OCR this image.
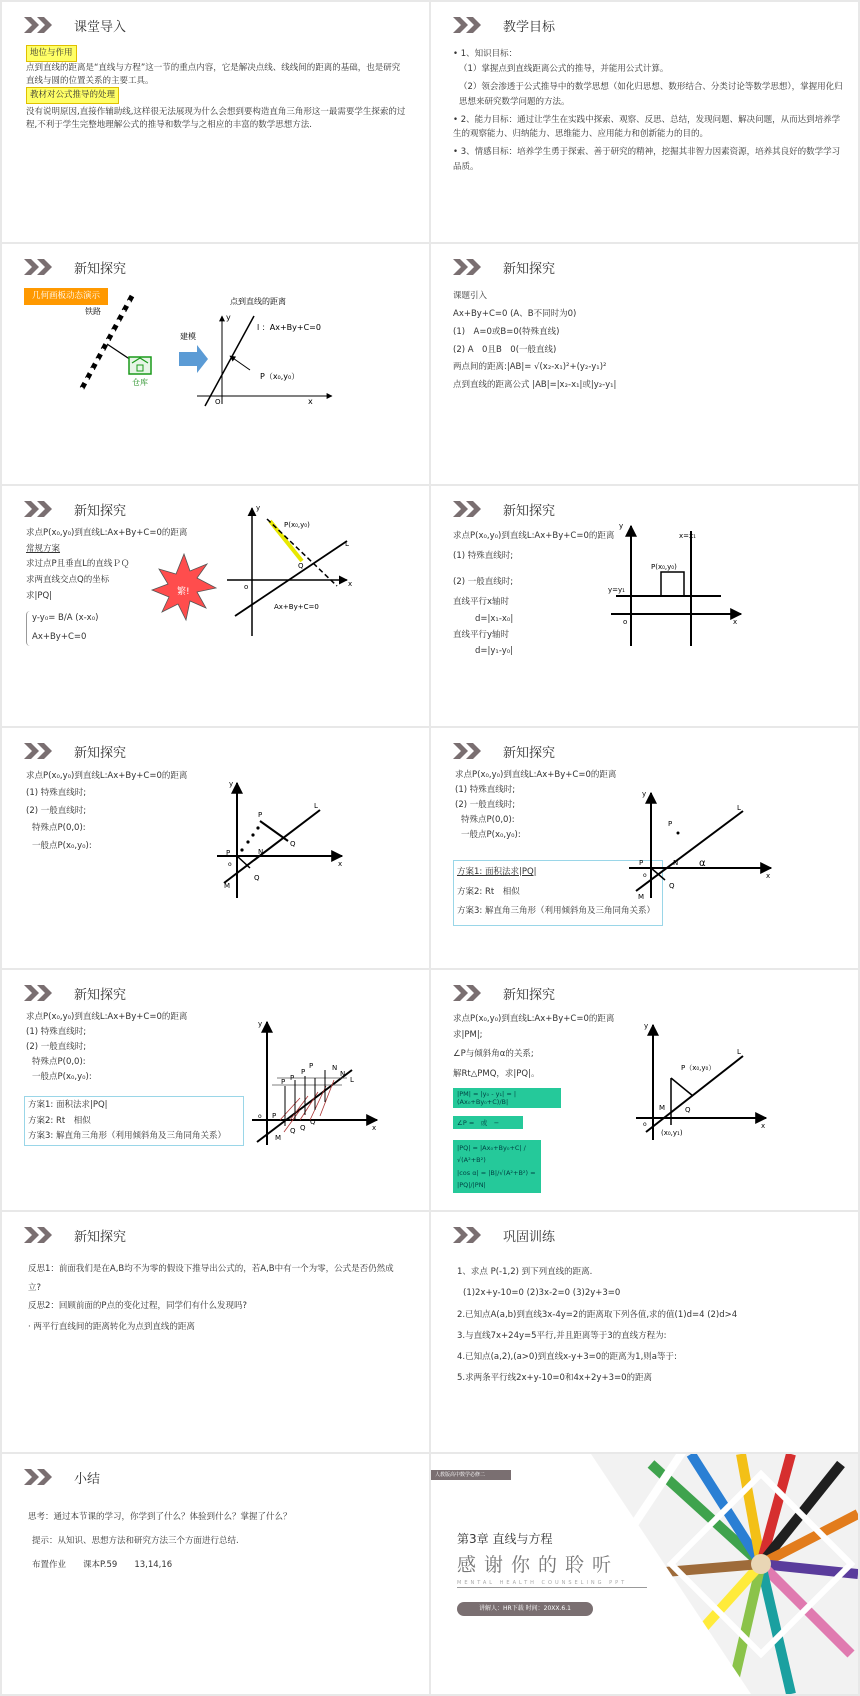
课堂导入
地位与作用
点到直线的距离是“直线与方程”这一节的重点内容，它是解决点线、线线间的距离的基础，也是研究直线与圆的位置关系的主要工具。
教材对公式推导的处理
没有说明原因,直接作辅助线,这样很无法展现为什么会想到要构造直角三角形这一最需要学生探索的过程,不利于学生完整地理解公式的推导和数学与之相应的丰富的数学思想方法.
教学目标
• 1、知识目标：
（1）掌握点到直线距离公式的推导，并能用公式计算。
（2）领会渗透于公式推导中的数学思想（如化归思想、数形结合、分类讨论等数学思想），掌握用化归思想来研究数学问题的方法。
• 2、能力目标：通过让学生在实践中探索、观察、反思、总结，发现问题、解决问题，从而达到培养学生的观察能力、归纳能力、思维能力、应用能力和创新能力的目的。
• 3、情感目标：培养学生勇于探索、善于研究的精神，挖掘其非智力因素资源，培养其良好的数学学习品质。
新知探究
几何画板动态演示
铁路
仓库
建模
点到直线的距离
y
x
O
l ：Ax+By+C=0
P（x₀,y₀）
新知探究
课题引入
Ax+By+C=0 (A、B不同时为0)
(1)　A=0或B=0(特殊直线)
(2) A　0且B　0(一般直线)
两点间的距离:|AB|= √(x₂-x₁)²+(y₂-y₁)²
点到直线的距离公式 |AB|=|x₂-x₁|或|y₂-y₁|
新知探究
求点P(x₀,y₀)到直线L:Ax+By+C=0的距离
常规方案
求过点P且垂直L的直线ＰＱ
求两直线交点Q的坐标
求|PQ|
y-y₀= B/A (x-x₀)
Ax+By+C=0
繁!
P(x₀,y₀)
Q
L
Ax+By+C=0
y
x
o
新知探究
求点P(x₀,y₀)到直线L:Ax+By+C=0的距离
(1) 特殊直线时;
(2) 一般直线时;
直线平行x轴时
d=|x₁-x₀|
直线平行y轴时
d=|y₁-y₀|
P(x₀,y₀)
x=x₁
y=y₁
y
x
o
新知探究
求点P(x₀,y₀)到直线L:Ax+By+C=0的距离
(1) 特殊直线时;
(2) 一般直线时;
特殊点P(0,0):
一般点P(x₀,y₀):
P
P	N
Q
Q
L
M
o
y
x
新知探究
求点P(x₀,y₀)到直线L:Ax+By+C=0的距离
(1) 特殊直线时;
(2) 一般直线时;
特殊点P(0,0):
一般点P(x₀,y₀):
方案1: 面积法求|PQ|
方案2: Rt　相似
方案3: 解直角三角形（利用倾斜角及三角同角关系）
P
P	N
Q
L
M
o
y
x
α
新知探究
求点P(x₀,y₀)到直线L:Ax+By+C=0的距离
(1) 特殊直线时;
(2) 一般直线时;
特殊点P(0,0):
一般点P(x₀,y₀):
方案1: 面积法求|PQ|
方案2: Rt　相似
方案3: 解直角三角形（利用倾斜角及三角同角关系）
P
P P
P
P	N
N
L
M
Q Q
Q
o
y
x
新知探究
求点P(x₀,y₀)到直线L:Ax+By+C=0的距离
求|PM|;
∠P与倾斜角α的关系;
解Rt△PMQ，求|PQ|。
|PM| = |y₀ - y₁| = |(Ax₀+By₀+C)/B|
∠P =　或　−
|PQ| = |Ax₀+By₀+C| / √(A²+B²)
|cos α| = |B|/√(A²+B²) = |PQ|/|PN|
P（x₀,y₀）
M	Q
L
(x₀,y₁)
o
y
x
新知探究
反思1：前面我们是在A,B均不为零的假设下推导出公式的，若A,B中有一个为零，公式是否仍然成立?
反思2：回顾前面的P点的变化过程，同学们有什么发现吗?
· 两平行直线间的距离转化为点到直线的距离
巩固训练
1、求点 P(-1,2) 到下列直线的距离.
(1)2x+y-10=0 (2)3x-2=0 (3)2y+3=0
2.已知点A(a,b)到直线3x-4y=2的距离取下列各值,求的值(1)d=4 (2)d>4
3.与直线7x+24y=5平行,并且距离等于3的直线方程为:
4.已知点(a,2),(a>0)到直线x-y+3=0的距离为1,则a等于:
5.求两条平行线2x+y-10=0和4x+2y+3=0的距离
小结
思考：通过本节课的学习，你学到了什么？体验到什么？掌握了什么？
提示：从知识、思想方法和研究方法三个方面进行总结.
布置作业　　课本P.59　　13,14,16
人教版高中数学必修二
第3章 直线与方程
感谢你的聆听
MENTAL HEALTH COUNSELING PPT
讲解人：HR下载 时间：20XX.6.1
